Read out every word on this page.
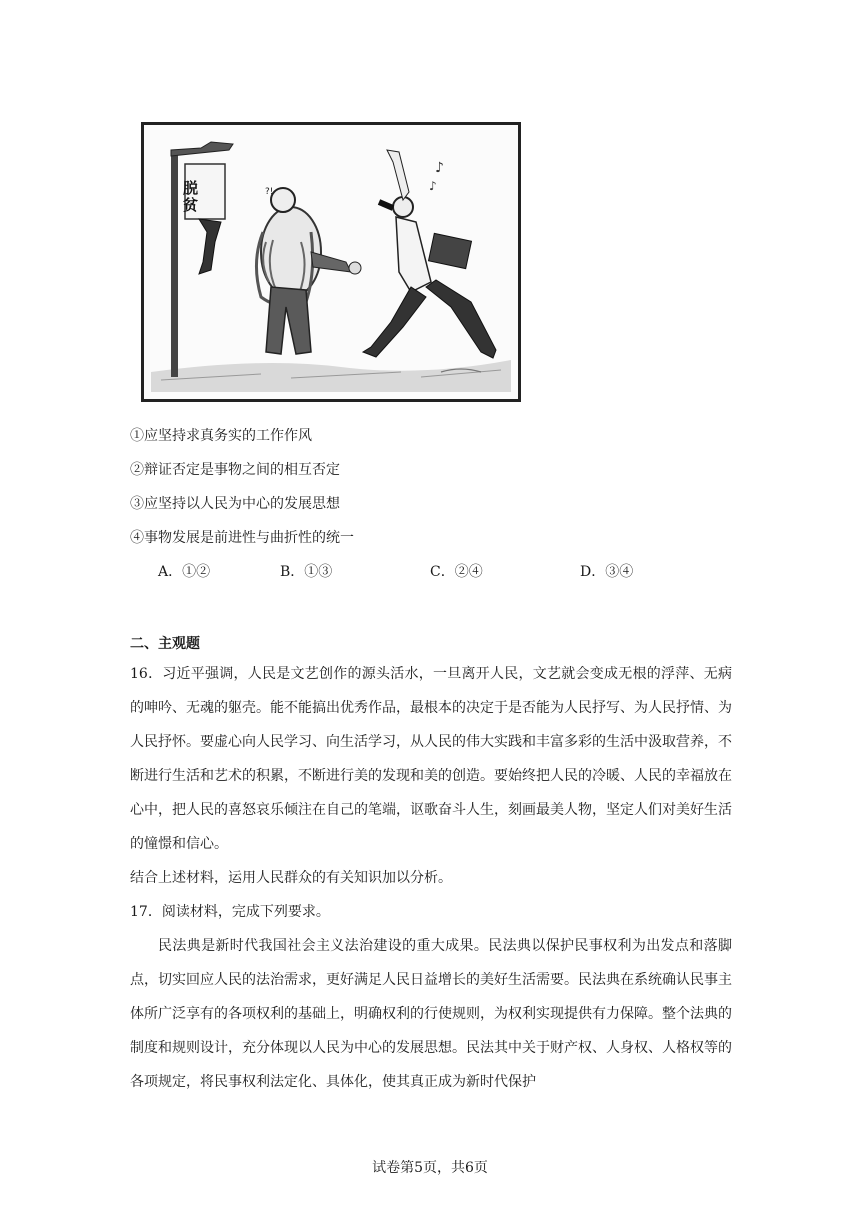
脱贫	?!
♪
♪
①应坚持求真务实的工作作风
②辩证否定是事物之间的相互否定
③应坚持以人民为中心的发展思想
④事物发展是前进性与曲折性的统一
A．①②	B．①③	C．②④	D．③④
二、主观题

16．习近平强调，人民是文艺创作的源头活水，一旦离开人民，文艺就会变成无根的浮萍、无病的呻吟、无魂的躯壳。能不能搞出优秀作品，最根本的决定于是否能为人民抒写、为人民抒情、为人民抒怀。要虚心向人民学习、向生活学习，从人民的伟大实践和丰富多彩的生活中汲取营养，不断进行生活和艺术的积累，不断进行美的发现和美的创造。要始终把人民的冷暖、人民的幸福放在心中，把人民的喜怒哀乐倾注在自己的笔端，讴歌奋斗人生，刻画最美人物，坚定人们对美好生活的憧憬和信心。

结合上述材料，运用人民群众的有关知识加以分析。
17．阅读材料，完成下列要求。

民法典是新时代我国社会主义法治建设的重大成果。民法典以保护民事权利为出发点和落脚点，切实回应人民的法治需求，更好满足人民日益增长的美好生活需要。民法典在系统确认民事主体所广泛享有的各项权利的基础上，明确权利的行使规则，为权利实现提供有力保障。整个法典的制度和规则设计，充分体现以人民为中心的发展思想。民法其中关于财产权、人身权、人格权等的各项规定，将民事权利法定化、具体化，使其真正成为新时代保护

试卷第5页，共6页
